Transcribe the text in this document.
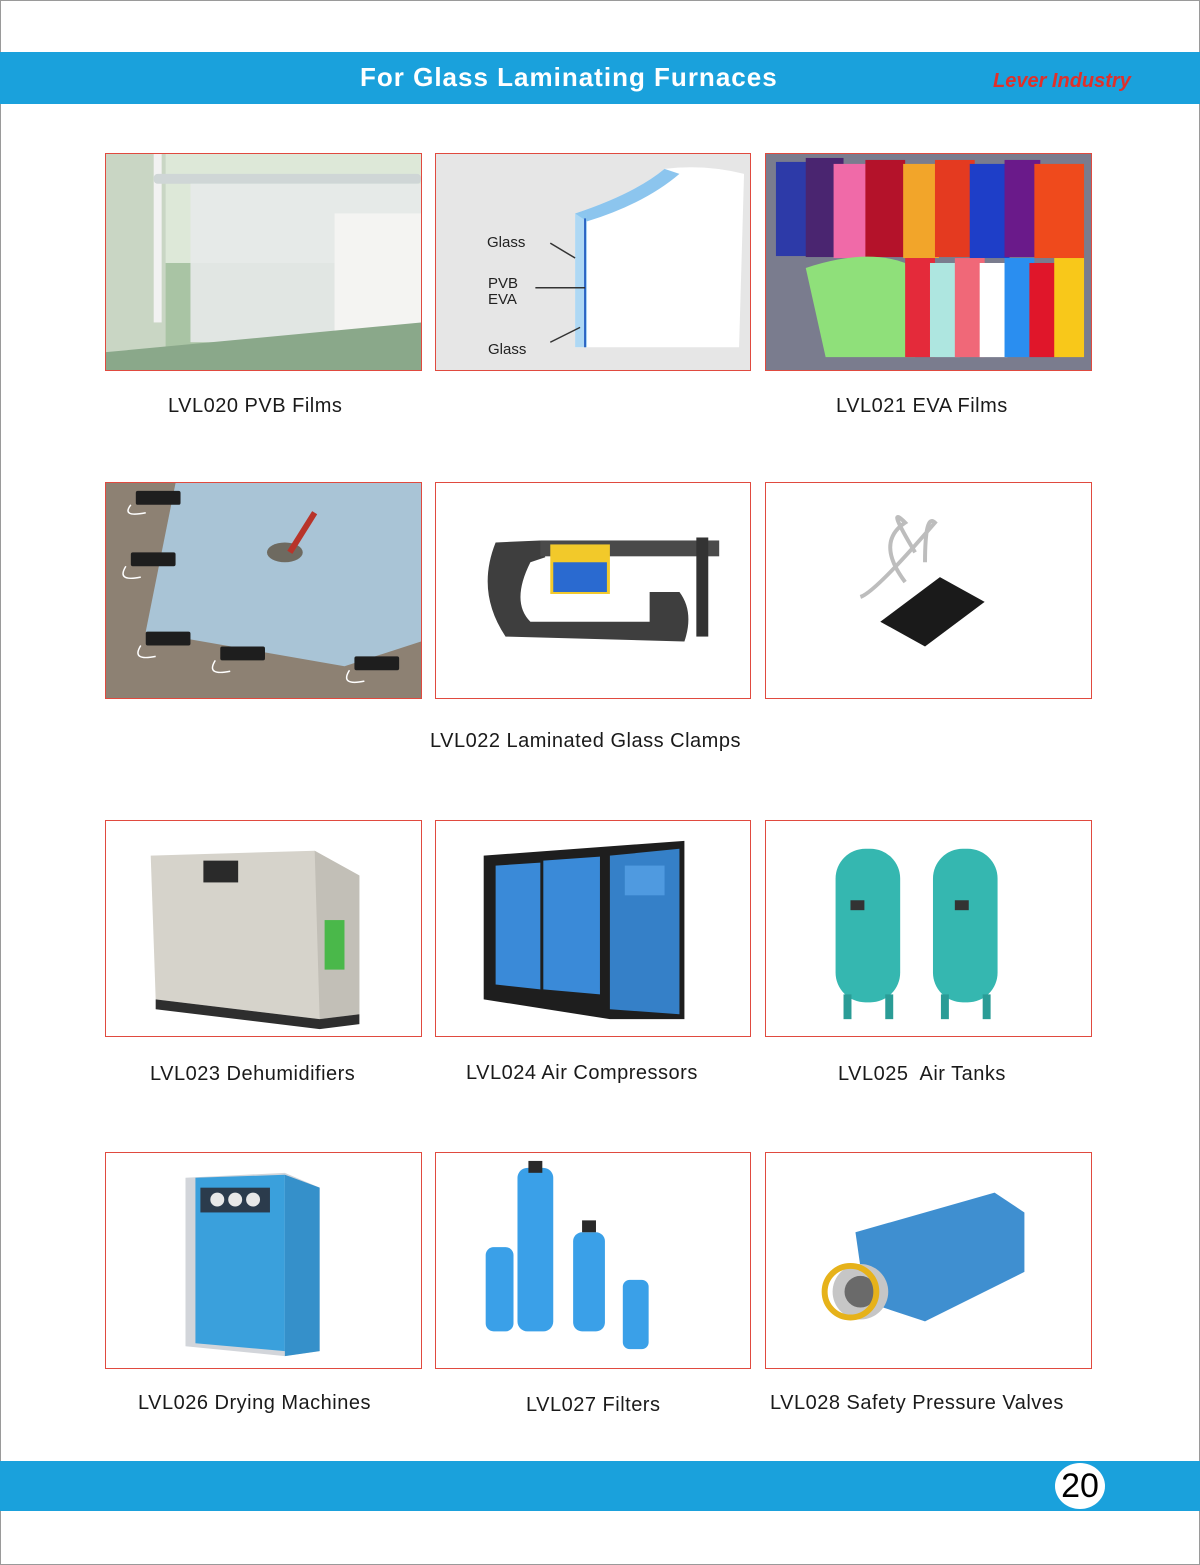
For Glass Laminating Furnaces	Lever Industry
Glass
PVB
EVA
Glass
LVL020 PVB Films	LVL021 EVA Films
LVL022 Laminated Glass Clamps
LVL023 Dehumidifiers	LVL024 Air Compressors	LVL025  Air Tanks
LVL026 Drying Machines	LVL027 Filters	LVL028 Safety Pressure Valves
20
